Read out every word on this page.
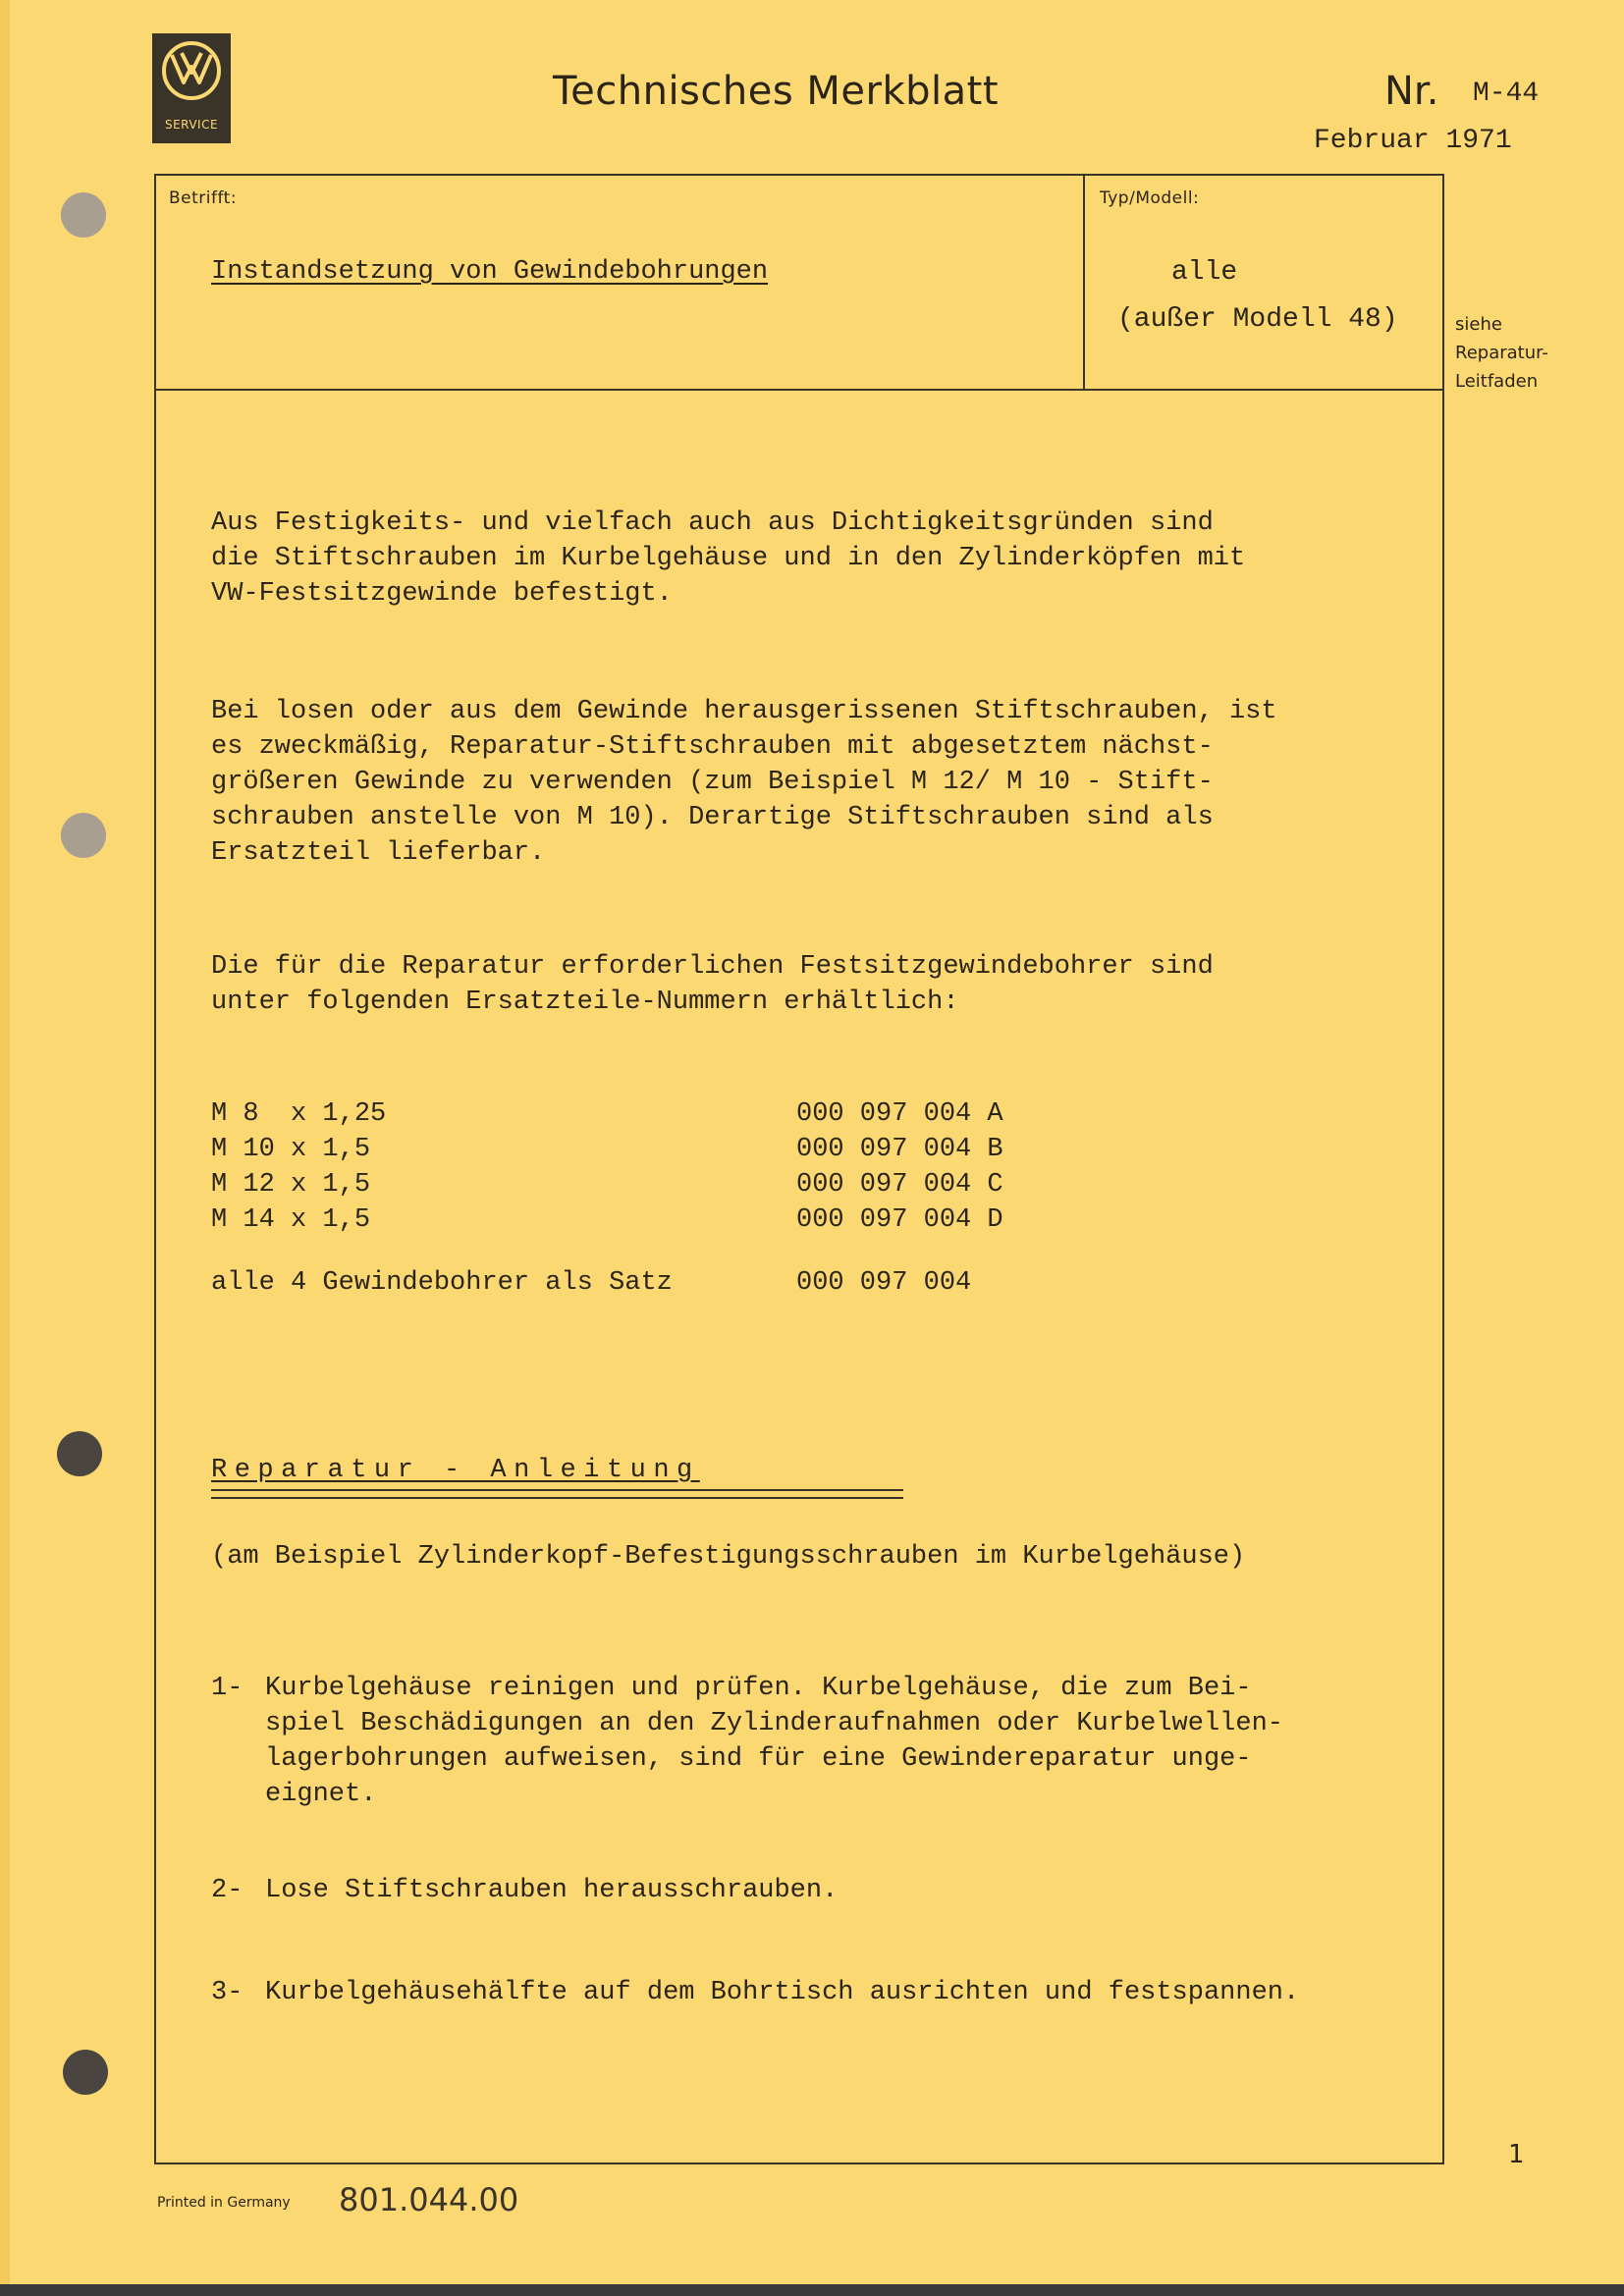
SERVICE
Technisches Merkblatt	Nr. M-44
Februar 1971
Betrifft:
Instandsetzung von Gewindebohrungen
Typ/Modell:
alle
(außer Modell 48)	siehe
Reparatur-
Leitfaden
Aus Festigkeits- und vielfach auch aus Dichtigkeitsgründen sind
die Stiftschrauben im Kurbelgehäuse und in den Zylinderköpfen mit
VW-Festsitzgewinde befestigt.
Bei losen oder aus dem Gewinde herausgerissenen Stiftschrauben, ist
es zweckmäßig, Reparatur-Stiftschrauben mit abgesetztem nächst-
größeren Gewinde zu verwenden (zum Beispiel M 12/ M 10 - Stift-
schrauben anstelle von M 10). Derartige Stiftschrauben sind als
Ersatzteil lieferbar.
Die für die Reparatur erforderlichen Festsitzgewindebohrer sind
unter folgenden Ersatzteile-Nummern erhältlich:
M 8  x 1,25	000 097 004 A
M 10 x 1,5	000 097 004 B
M 12 x 1,5	000 097 004 C
M 14 x 1,5	000 097 004 D
alle 4 Gewindebohrer als Satz	000 097 004
Reparatur - Anleitung
(am Beispiel Zylinderkopf-Befestigungsschrauben im Kurbelgehäuse)
1- Kurbelgehäuse reinigen und prüfen. Kurbelgehäuse, die zum Bei-
spiel Beschädigungen an den Zylinderaufnahmen oder Kurbelwellen-
lagerbohrungen aufweisen, sind für eine Gewindereparatur unge-
eignet.
2- Lose Stiftschrauben herausschrauben.
3- Kurbelgehäusehälfte auf dem Bohrtisch ausrichten und festspannen.
1
Printed in Germany 801.044.00
